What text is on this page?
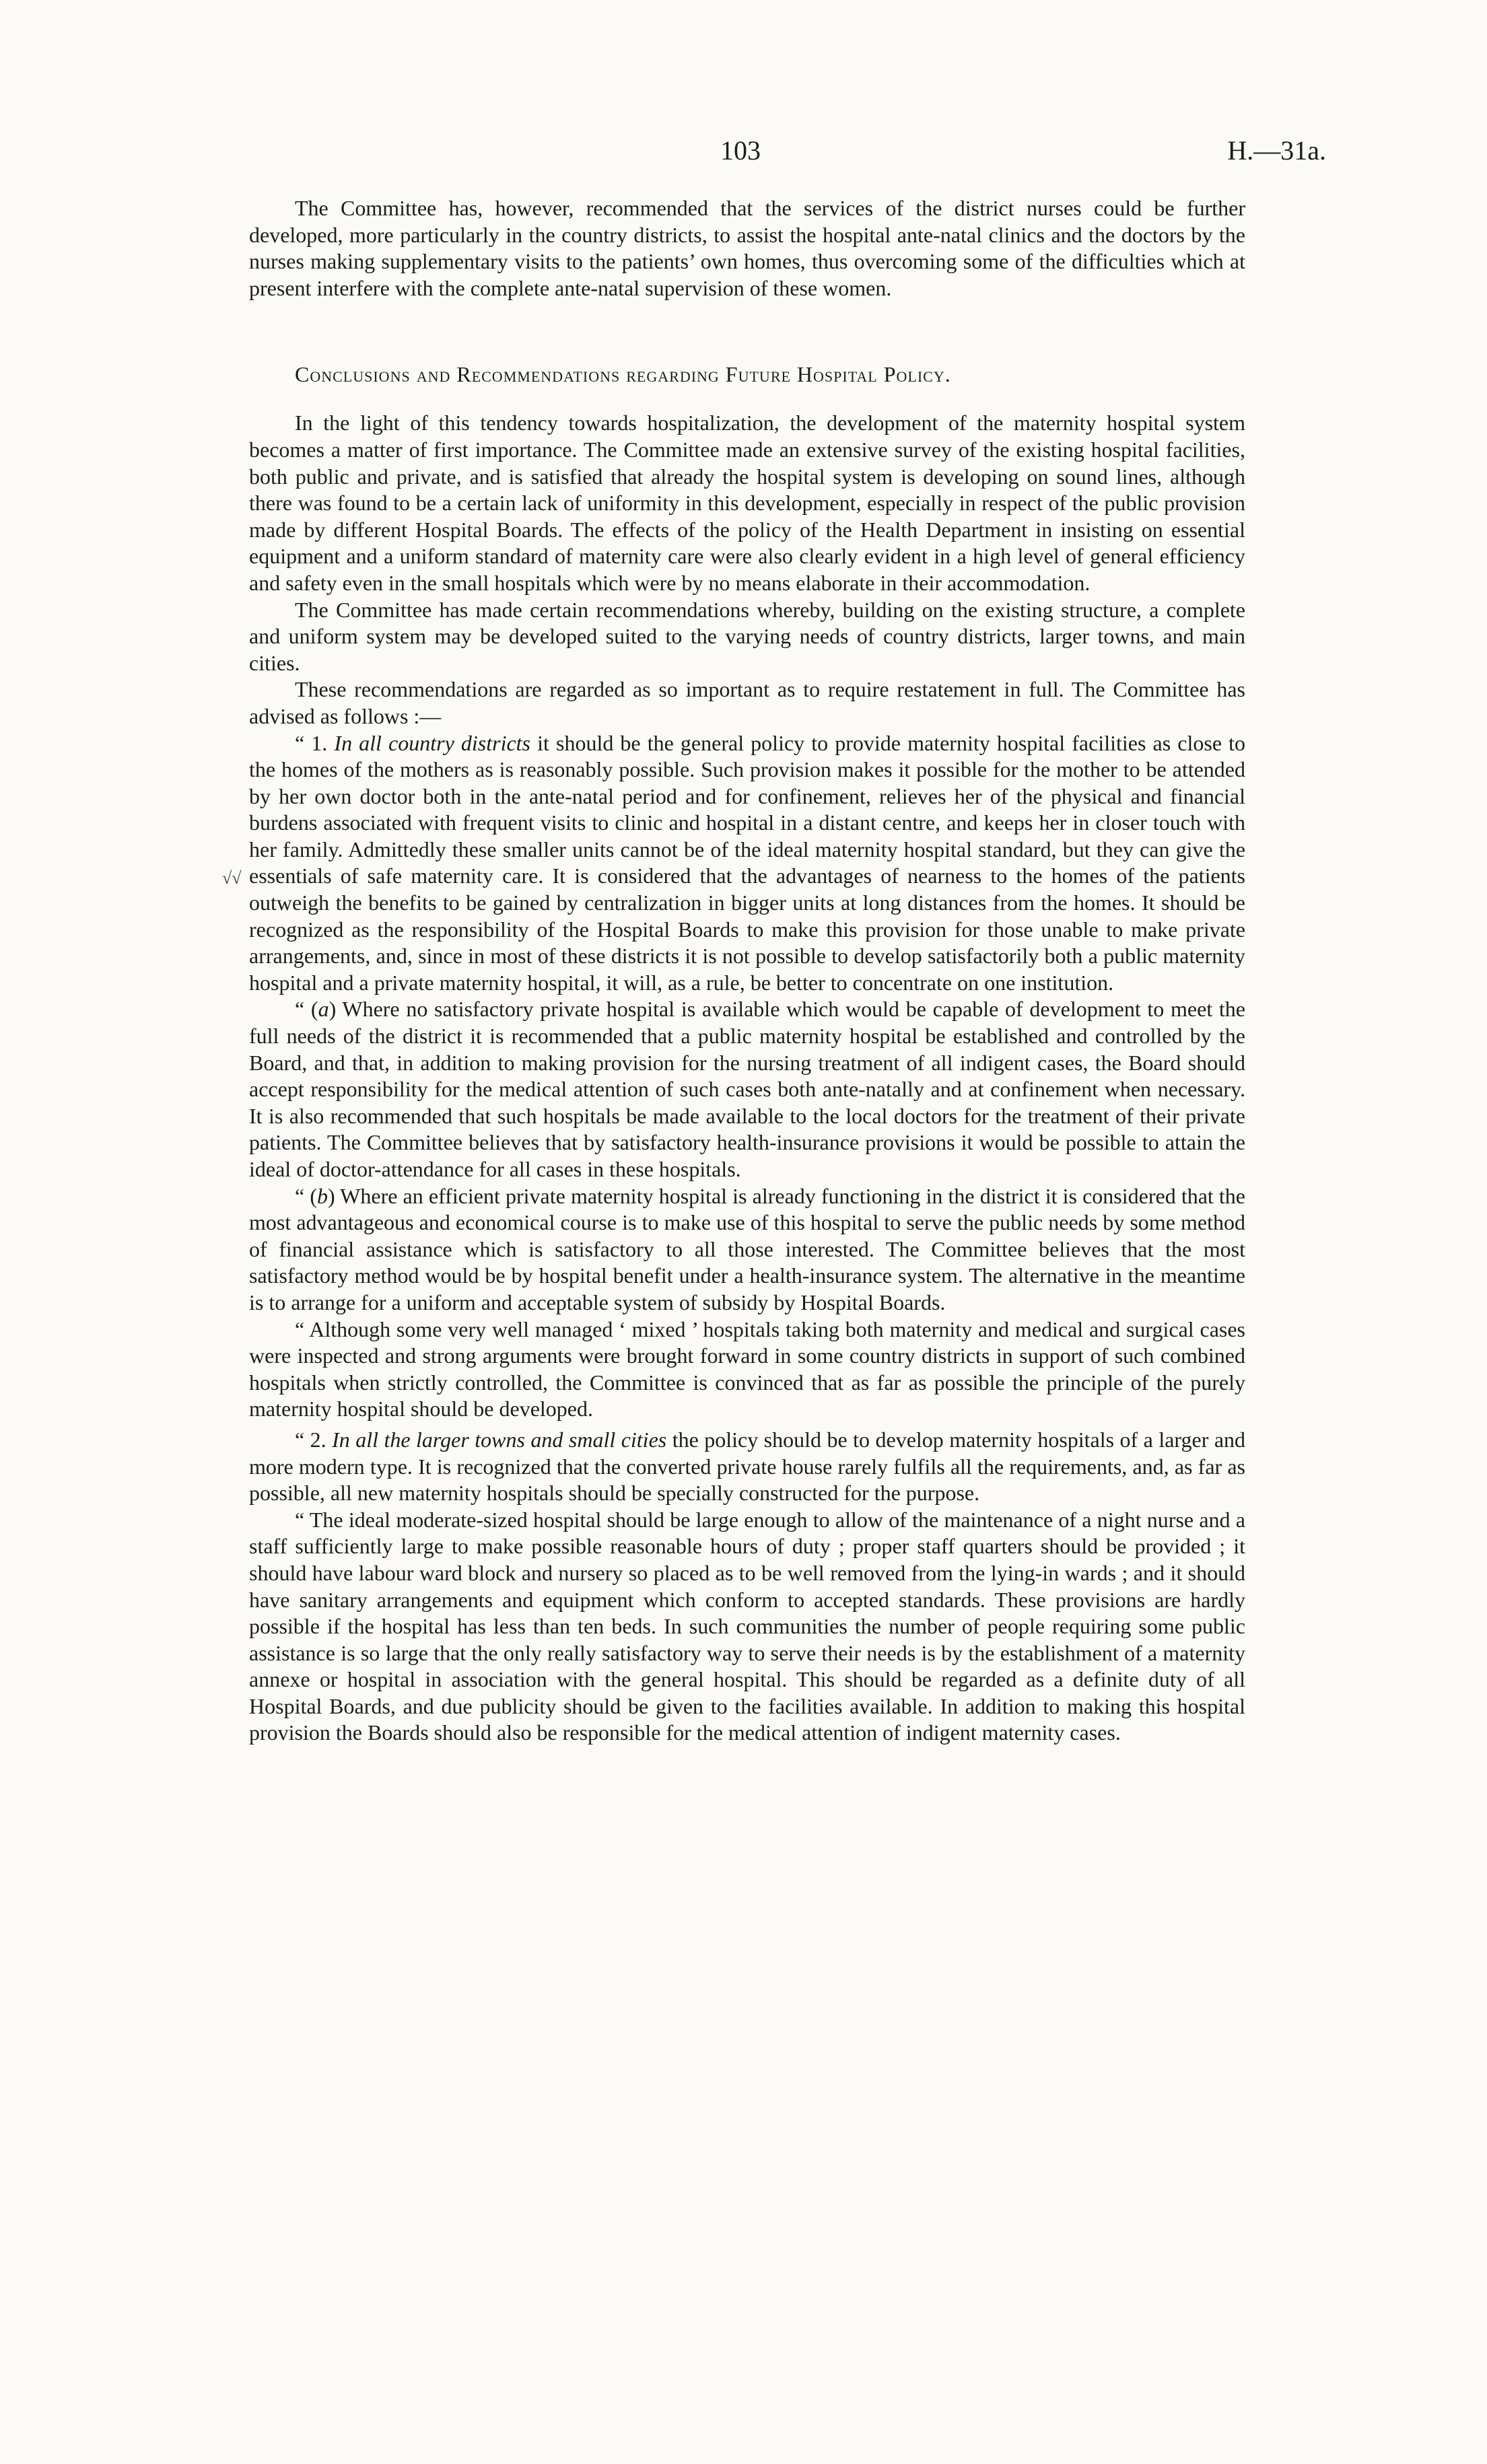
√√
103	H.—31a.

The Committee has, however, recommended that the services of the district nurses could be further developed, more particularly in the country districts, to assist the hospital ante-natal clinics and the doctors by the nurses making supplementary visits to the patients’ own homes, thus overcoming some of the difficulties which at present interfere with the complete ante-natal supervision of these women.

Conclusions and Recommendations regarding Future Hospital Policy.

In the light of this tendency towards hospitalization, the development of the maternity hospital system becomes a matter of first importance. The Committee made an extensive survey of the existing hospital facilities, both public and private, and is satisfied that already the hospital system is developing on sound lines, although there was found to be a certain lack of uniformity in this development, especially in respect of the public provision made by different Hospital Boards. The effects of the policy of the Health Department in insisting on essential equipment and a uniform standard of maternity care were also clearly evident in a high level of general efficiency and safety even in the small hospitals which were by no means elaborate in their accommodation.

The Committee has made certain recommendations whereby, building on the existing structure, a complete and uniform system may be developed suited to the varying needs of country districts, larger towns, and main cities.

These recommendations are regarded as so important as to require restatement in full. The Committee has advised as follows :—

“ 1. In all country districts it should be the general policy to provide maternity hospital facilities as close to the homes of the mothers as is reasonably possible. Such provision makes it possible for the mother to be attended by her own doctor both in the ante-natal period and for confinement, relieves her of the physical and financial burdens associated with frequent visits to clinic and hospital in a distant centre, and keeps her in closer touch with her family. Admittedly these smaller units cannot be of the ideal maternity hospital standard, but they can give the essentials of safe maternity care. It is considered that the advantages of nearness to the homes of the patients outweigh the benefits to be gained by centralization in bigger units at long distances from the homes. It should be recognized as the responsibility of the Hospital Boards to make this provision for those unable to make private arrangements, and, since in most of these districts it is not possible to develop satisfactorily both a public maternity hospital and a private maternity hospital, it will, as a rule, be better to concentrate on one institution.

“ (a) Where no satisfactory private hospital is available which would be capable of development to meet the full needs of the district it is recommended that a public maternity hospital be established and controlled by the Board, and that, in addition to making provision for the nursing treatment of all indigent cases, the Board should accept responsibility for the medical attention of such cases both ante-natally and at confinement when necessary. It is also recommended that such hospitals be made available to the local doctors for the treatment of their private patients. The Committee believes that by satisfactory health-insurance provisions it would be possible to attain the ideal of doctor-attendance for all cases in these hospitals.

“ (b) Where an efficient private maternity hospital is already functioning in the district it is considered that the most advantageous and economical course is to make use of this hospital to serve the public needs by some method of financial assistance which is satisfactory to all those interested. The Committee believes that the most satisfactory method would be by hospital benefit under a health-insurance system. The alternative in the meantime is to arrange for a uniform and acceptable system of subsidy by Hospital Boards.

“ Although some very well managed ‘ mixed ’ hospitals taking both maternity and medical and surgical cases were inspected and strong arguments were brought forward in some country districts in support of such combined hospitals when strictly controlled, the Committee is convinced that as far as possible the principle of the purely maternity hospital should be developed.

“ 2. In all the larger towns and small cities the policy should be to develop maternity hospitals of a larger and more modern type. It is recognized that the converted private house rarely fulfils all the requirements, and, as far as possible, all new maternity hospitals should be specially constructed for the purpose.

“ The ideal moderate-sized hospital should be large enough to allow of the maintenance of a night nurse and a staff sufficiently large to make possible reasonable hours of duty ; proper staff quarters should be provided ; it should have labour ward block and nursery so placed as to be well removed from the lying-in wards ; and it should have sanitary arrangements and equipment which conform to accepted standards. These provisions are hardly possible if the hospital has less than ten beds. In such communities the number of people requiring some public assistance is so large that the only really satisfactory way to serve their needs is by the establishment of a maternity annexe or hospital in association with the general hospital. This should be regarded as a definite duty of all Hospital Boards, and due publicity should be given to the facilities available. In addition to making this hospital provision the Boards should also be responsible for the medical attention of indigent maternity cases.
